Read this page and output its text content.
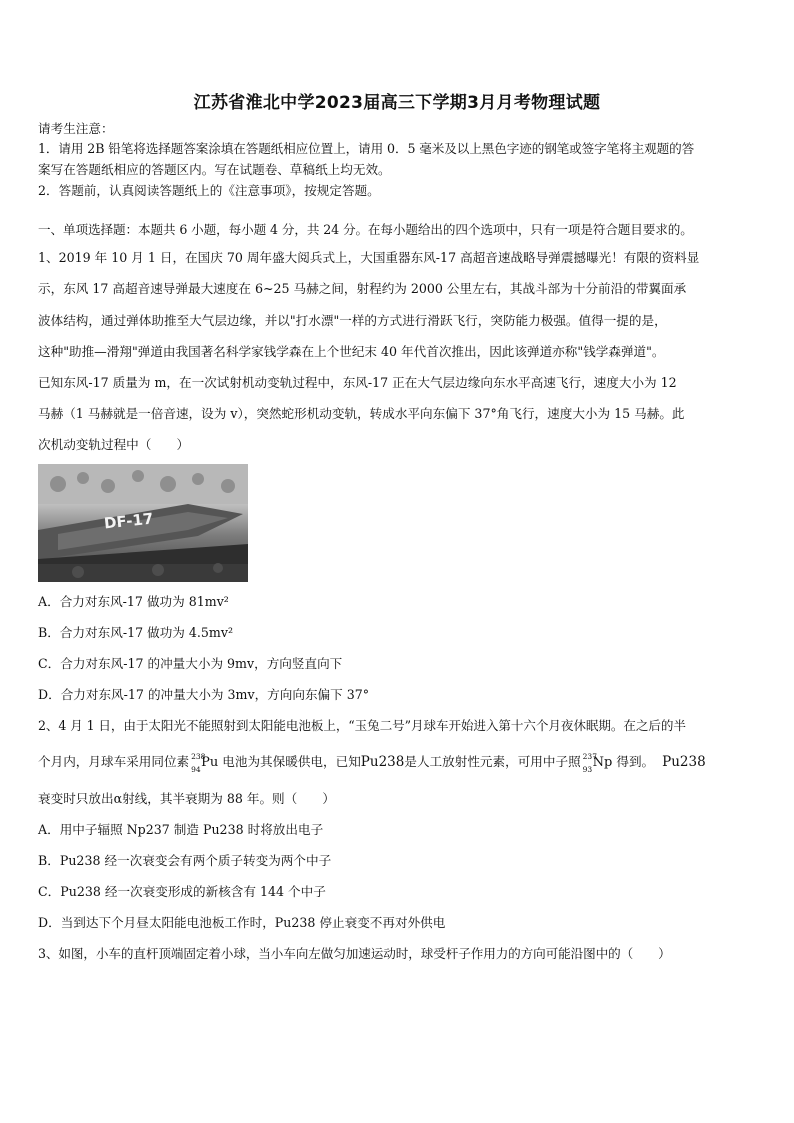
江苏省淮北中学2023届高三下学期3月月考物理试题
请考生注意：
1．请用 2B 铅笔将选择题答案涂填在答题纸相应位置上，请用 0．5 毫米及以上黑色字迹的钢笔或签字笔将主观题的答
案写在答题纸相应的答题区内。写在试题卷、草稿纸上均无效。
2．答题前，认真阅读答题纸上的《注意事项》，按规定答题。
一、单项选择题：本题共 6 小题，每小题 4 分，共 24 分。在每小题给出的四个选项中，只有一项是符合题目要求的。
1、2019 年 10 月 1 日，在国庆 70 周年盛大阅兵式上，大国重器东风-17 高超音速战略导弹震撼曝光！有限的资料显
示，东风 17 高超音速导弹最大速度在 6~25 马赫之间，射程约为 2000 公里左右，其战斗部为十分前沿的带翼面承
波体结构，通过弹体助推至大气层边缘，并以"打水漂"一样的方式进行滑跃飞行，突防能力极强。值得一提的是，
这种"助推—滑翔"弹道由我国著名科学家钱学森在上个世纪末 40 年代首次推出，因此该弹道亦称"钱学森弹道"。
已知东风-17 质量为 m，在一次试射机动变轨过程中，东风-17 正在大气层边缘向东水平高速飞行，速度大小为 12
马赫（1 马赫就是一倍音速，设为 v），突然蛇形机动变轨，转成水平向东偏下 37°角飞行，速度大小为 15 马赫。此
次机动变轨过程中（　　）
DF-17
A．合力对东风-17 做功为 81mv²
B．合力对东风-17 做功为 4.5mv²
C．合力对东风-17 的冲量大小为 9mv，方向竖直向下
D．合力对东风-17 的冲量大小为 3mv，方向向东偏下 37°
2、4 月 1 日，由于太阳光不能照射到太阳能电池板上，“玉兔二号”月球车开始进入第十六个月夜休眠期。在之后的半
个月内，月球车采用同位素 238
94 Pu 电池为其保暖供电，已知Pu238是人工放射性元素，可用中子照 237
93 Np 得到。 Pu238
衰变时只放出α射线，其半衰期为 88 年。则（　　）
A．用中子辐照 Np237 制造 Pu238 时将放出电子
B．Pu238 经一次衰变会有两个质子转变为两个中子
C．Pu238 经一次衰变形成的新核含有 144 个中子
D．当到达下个月昼太阳能电池板工作时，Pu238 停止衰变不再对外供电
3、如图，小车的直杆顶端固定着小球，当小车向左做匀加速运动时，球受杆子作用力的方向可能沿图中的（　　）
